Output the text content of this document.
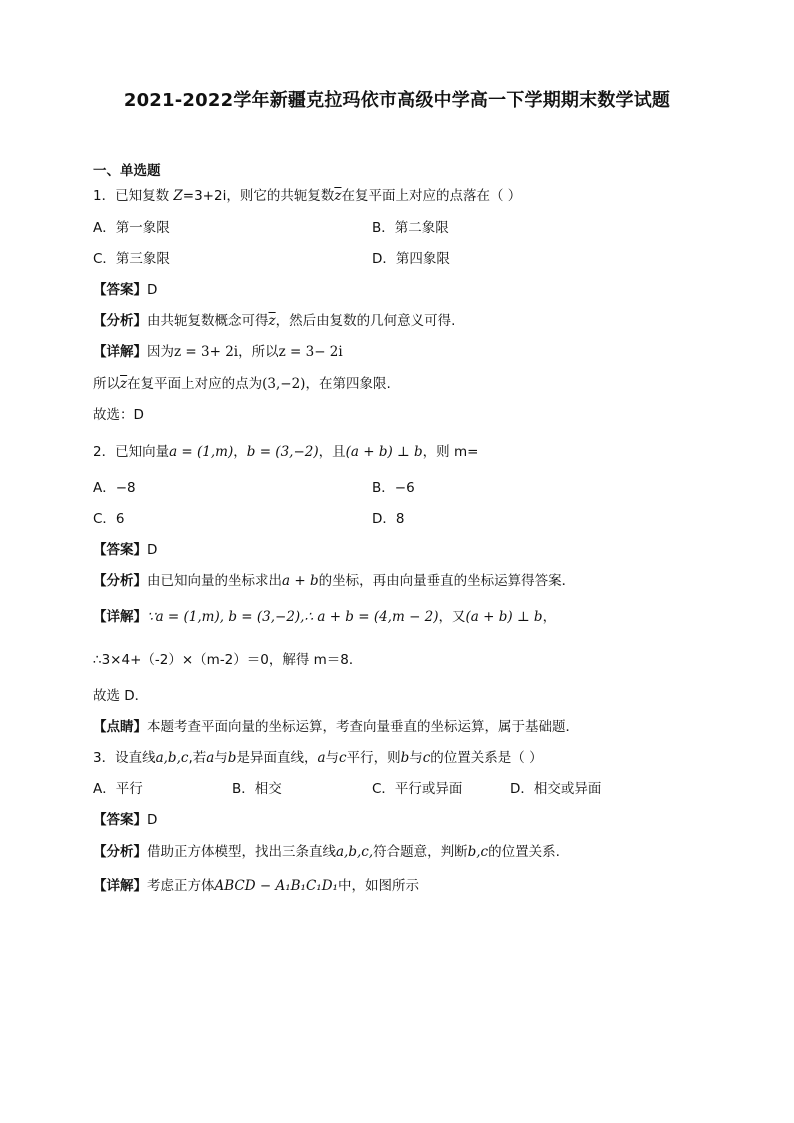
2021-2022学年新疆克拉玛依市高级中学高一下学期期末数学试题
一、单选题
1．已知复数 Z=3+2i，则它的共轭复数$\overline{z}$在复平面上对应的点落在（ ）
A．第一象限	B．第二象限
C．第三象限	D．第四象限
【答案】D
【分析】由共轭复数概念可得$\overline{z}$，然后由复数的几何意义可得.
【详解】因为z = 3+ 2i，所以z = 3− 2i
所以$\overline{z}$在复平面上对应的点为(3,−2)，在第四象限.
故选：D
2．已知向量a = (1,m)，b = (3,−2)，且(a + b) ⊥ b，则 m=
A．−8	B．−6
C．6	D．8
【答案】D
【分析】由已知向量的坐标求出a + b的坐标，再由向量垂直的坐标运算得答案．
【详解】∵a = (1,m), b = (3,−2),∴ a + b = (4,m − 2)，又(a + b) ⊥ b，
∴3×4+（-2）×（m-2）＝0，解得 m＝8．
故选 D．
【点睛】本题考查平面向量的坐标运算，考查向量垂直的坐标运算，属于基础题．
3．设直线a,b,c,若a与b是异面直线，a与c平行，则b与c的位置关系是（ ）
A．平行	B．相交	C．平行或异面	D．相交或异面
【答案】D
【分析】借助正方体模型，找出三条直线a,b,c,符合题意，判断b,c的位置关系.
【详解】考虑正方体ABCD − A₁B₁C₁D₁中，如图所示
